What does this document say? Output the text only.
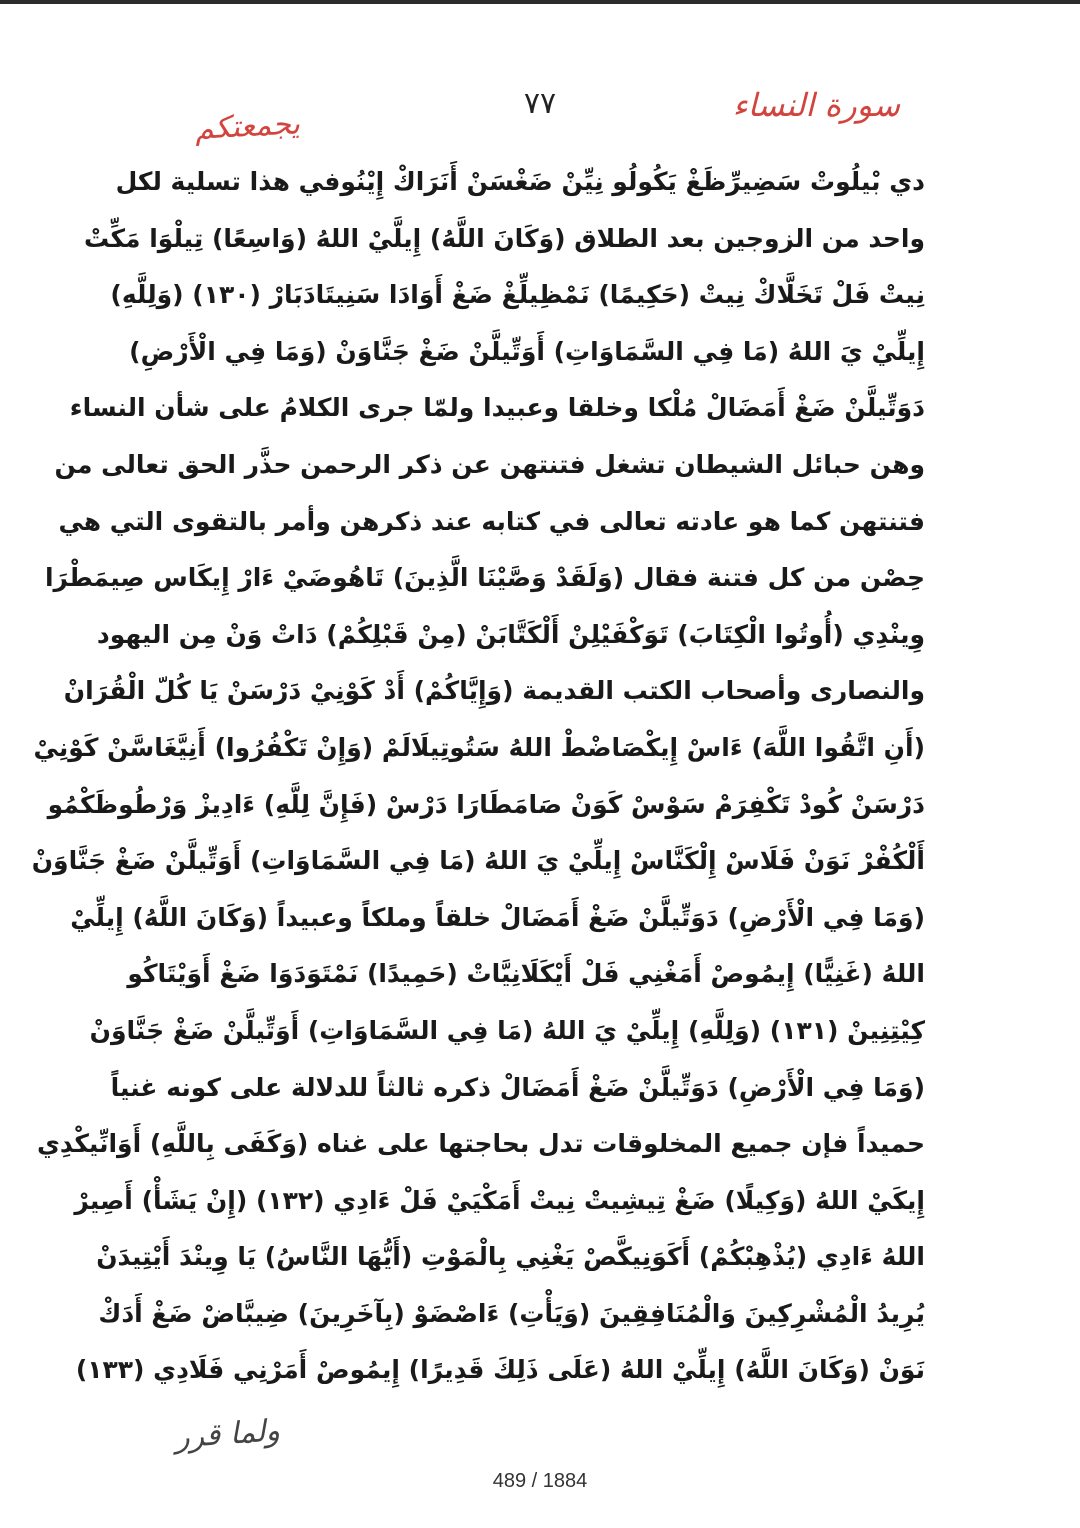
٧٧	سورة النساء
يجمعتكم
دي بْيلُوتْ سَضِيرِّظَغْ يَكُولُو نِيِّنْ ضَغْسَنْ أَنَرَاكْ إِيْنُوفي هذا تسلية لكل
واحد من الزوجين بعد الطلاق (وَكَانَ اللَّهُ) إِيلَّيْ اللهُ (وَاسِعًا) تِيلْوَا مَكِّتْ
نِيتْ فَلْ تَخَلَّاكْ نِيتْ (حَكِيمًا) نَمْظِيلِّغْ ضَغْ أَوَادَا سَنِيتَادَبَارْ (١٣٠) (وَلِلَّهِ)
إِيلِّيْ يَ اللهُ (مَا فِي السَّمَاوَاتِ) أَوَتِّيلَّنْ ضَغْ جَنَّاوَنْ (وَمَا فِي الْأَرْضِ)
دَوَتِّيلَّنْ ضَغْ أَمَضَالْ مُلْكا وخلقا وعبيدا ولمّا جرى الكلامُ على شأن النساء
وهن حبائل الشيطان تشغل فتنتهن عن ذكر الرحمن حذَّر الحق تعالى من
فتنتهن كما هو عادته تعالى في كتابه عند ذكرهن وأمر بالتقوى التي هي
حِصْن من كل فتنة فقال (وَلَقَدْ وَصَّيْنَا الَّذِينَ) تَاهُوضَيْ ءَارْ إِيكَاس صِيمَطْرَا
وِينْدِي (أُوتُوا الْكِتَابَ) تَوَكْفَيْلِنْ أَلْكَتَّابَنْ (مِنْ قَبْلِكُمْ) دَاتْ وَنْ مِن اليهود
والنصارى وأصحاب الكتب القديمة (وَإِيَّاكُمْ) أَدْ كَوْنِيْ دَرْسَنْ يَا كُلّ الْقُرَانْ
(أَنِ اتَّقُوا اللَّهَ) ءَاسْ إِيكْصَاضْطْ اللهُ سَتُوتِيلَالَمْ (وَإِنْ تَكْفُرُوا) أَنِيَّغَاسَّنْ كَوْنِيْ
دَرْسَنْ كُودْ تَكْفِرَمْ سَوْسْ كَوَنْ صَامَطَارَا دَرْسْ (فَإِنَّ لِلَّهِ) ءَادِيزْ وَرْطُوظَكْمُو
أَلْكُفْرْ نَوَنْ فَلَاسْ إِلْكَنَّاسْ إِيلِّيْ يَ اللهُ (مَا فِي السَّمَاوَاتِ) أَوَتِّيلَّنْ ضَغْ جَنَّاوَنْ
(وَمَا فِي الْأَرْضِ) دَوَتِّيلَّنْ ضَغْ أَمَضَالْ خلقاً وملكاً وعبيداً (وَكَانَ اللَّهُ) إِيلِّيْ
اللهُ (غَنِيًّا) إِيمُوصْ أَمَغْنِي فَلْ أَيْكَلَانِيَّاتْ (حَمِيدًا) نَمْتَوَدَوَا ضَغْ أَوَيْتَاكُو
كِيْتِنِينْ (١٣١) (وَلِلَّهِ) إِيلِّيْ يَ اللهُ (مَا فِي السَّمَاوَاتِ) أَوَتِّيلَّنْ ضَغْ جَنَّاوَنْ
(وَمَا فِي الْأَرْضِ) دَوَتِّيلَّنْ ضَغْ أَمَضَالْ ذكره ثالثاً للدلالة على كونه غنياً
حميداً فإن جميع المخلوقات تدل بحاجتها على غناه (وَكَفَى بِاللَّهِ) أَوَانِّيكْدِي
إِيكَيْ اللهُ (وَكِيلًا) ضَغْ تِيشِيتْ نِيتْ أَمَكْيَيْ فَلْ ءَادِي (١٣٢) (إِنْ يَشَأْ) أَصِيرْ
اللهُ ءَادِي (يُذْهِبْكُمْ) أَكَوَنِيكَّصْ يَغْنِي بِالْمَوْتِ (أَيُّهَا النَّاسُ) يَا وِينْدَ أَيْتِيدَنْ
يُرِيدُ الْمُشْرِكِينَ وَالْمُنَافِقِينَ (وَيَأْتِ) ءَاصْضَوْ (بِآخَرِينَ) ضِيبَّاضْ ضَغْ أَدَكْ
نَوَنْ (وَكَانَ اللَّهُ) إِيلِّيْ اللهُ (عَلَى ذَلِكَ قَدِيرًا) إِيمُوصْ أَمَرْنِي فَلَادِي (١٣٣)
ولما قرر
489 / 1884
